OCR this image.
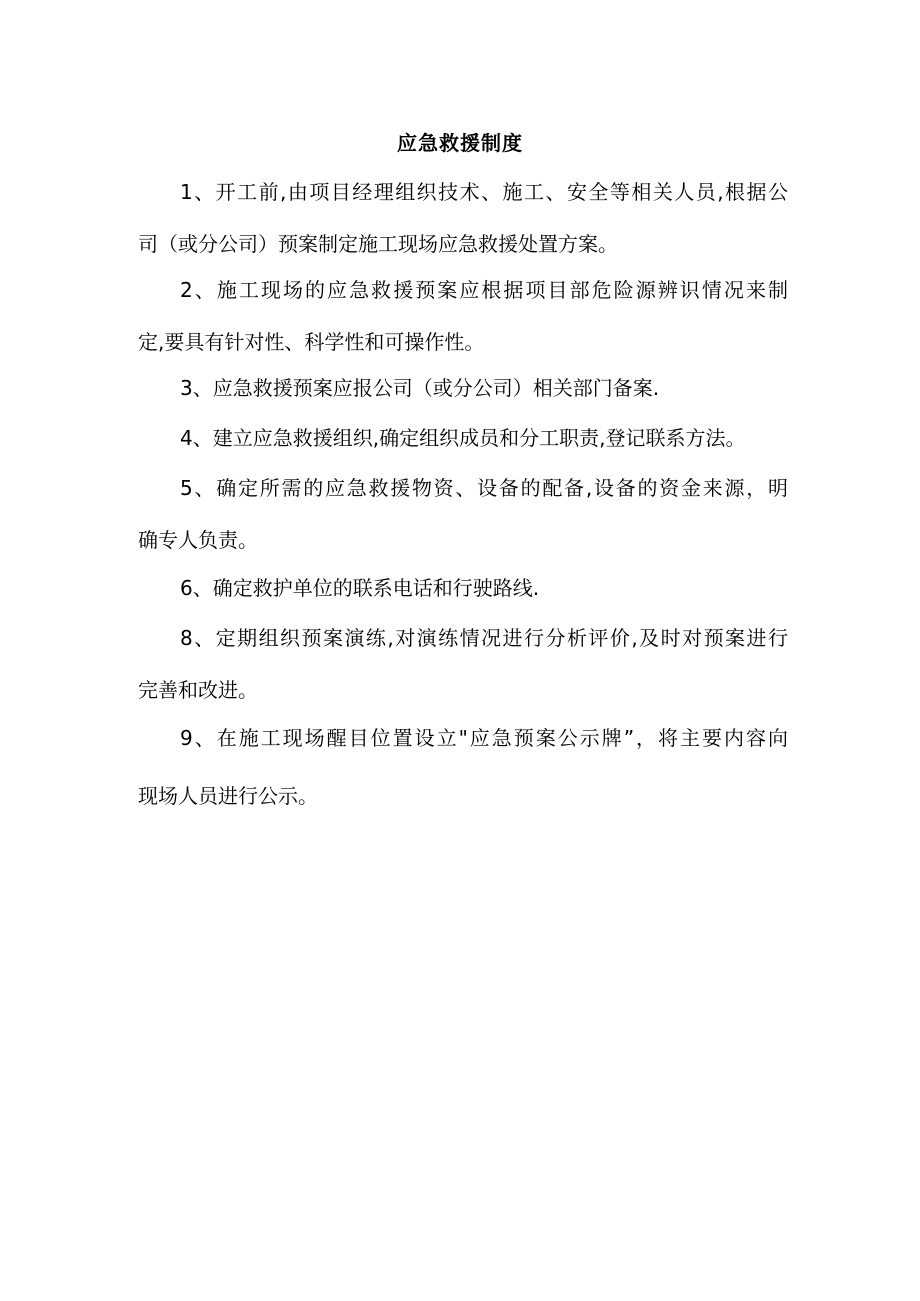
应急救援制度
1、开工前,由项目经理组织技术、施工、安全等相关人员,根据公
司（或分公司）预案制定施工现场应急救援处置方案。
2、施工现场的应急救援预案应根据项目部危险源辨识情况来制
定,要具有针对性、科学性和可操作性。
3、应急救援预案应报公司（或分公司）相关部门备案.
4、建立应急救援组织,确定组织成员和分工职责,登记联系方法。
5、确定所需的应急救援物资、设备的配备,设备的资金来源，明
确专人负责。
6、确定救护单位的联系电话和行驶路线.
8、定期组织预案演练,对演练情况进行分析评价,及时对预案进行
完善和改进。
9、在施工现场醒目位置设立"应急预案公示牌”，将主要内容向
现场人员进行公示。
